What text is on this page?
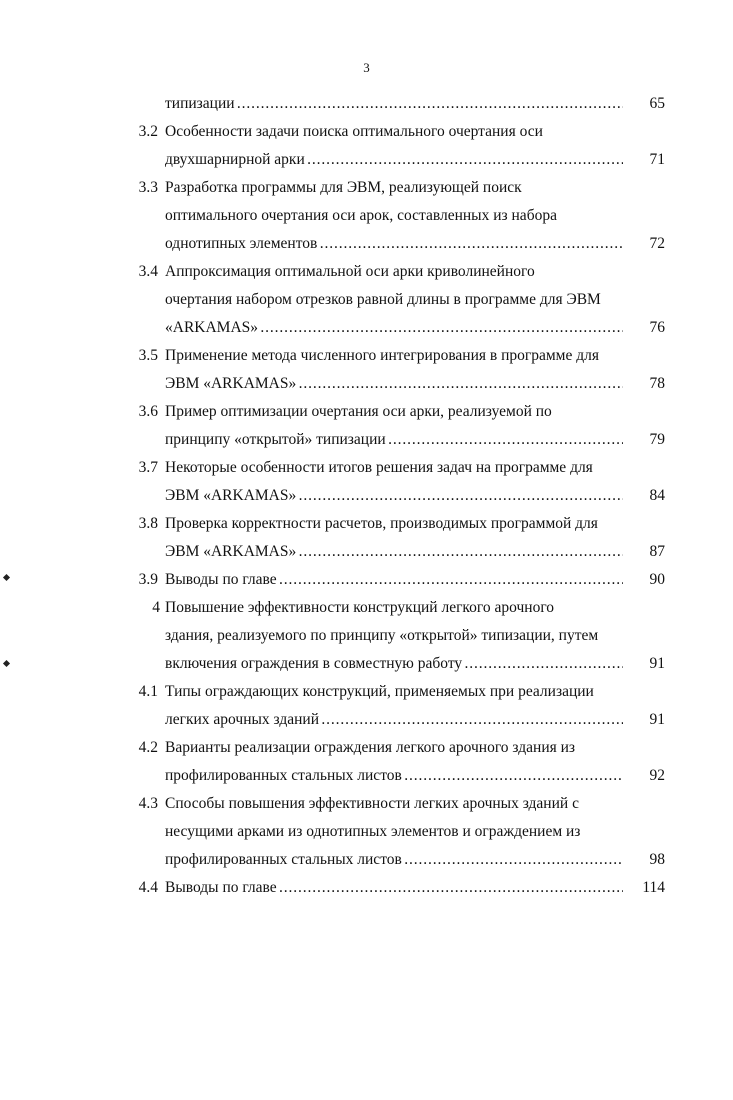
3
65
типизации . . .
3.2 Особенности задачи поиска оптимального очертания оси
71
двухшарнирной арки . . .
3.3 Разработка программы для ЭВМ, реализующей поиск
оптимального очертания оси арок, составленных из набора
72
однотипных элементов . . .
3.4 Аппроксимация оптимальной оси арки криволинейного
очертания набором отрезков равной длины в программе для ЭВМ
76
«ARKAMAS» . . .
3.5 Применение метода численного интегрирования в программе для
78
ЭВМ «ARKAMAS» . . .
3.6 Пример оптимизации очертания оси арки, реализуемой по
79
принципу «открытой» типизации . . .
3.7 Некоторые особенности итогов решения задач на программе для
84
ЭВМ «ARKAMAS» . . .
3.8 Проверка корректности расчетов, производимых программой для
87
ЭВМ «ARKAMAS» . . .
3.9	90
Выводы по главе . . .
4 Повышение эффективности конструкций легкого арочного
здания, реализуемого по принципу «открытой» типизации, путем
91
включения ограждения в совместную работу . . .
4.1 Типы ограждающих конструкций, применяемых при реализации
91
легких арочных зданий . . .
4.2 Варианты реализации ограждения легкого арочного здания из
92
профилированных стальных листов . . .
4.3 Способы повышения эффективности легких арочных зданий с
несущими арками из однотипных элементов и ограждением из
98
профилированных стальных листов . . .
4.4	114
Выводы по главе . . .
